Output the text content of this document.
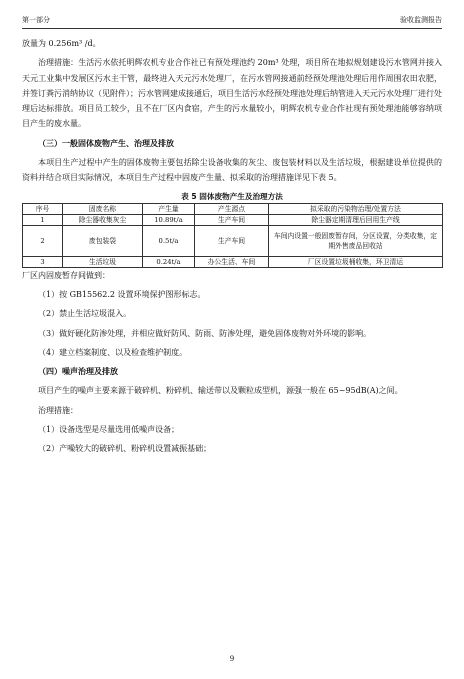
第一部分	验收监测报告

放量为 0.256m³ /d。

治理措施：生活污水依托明辉农机专业合作社已有预处理池约 20m³ 处理，项目所在地拟规划建设污水管网并接入天元工业集中发展区污水主干管，最终进入天元污水处理厂，在污水管网接通前经预处理池处理后用作周围农田农肥，并签订粪污消纳协议（见附件）；污水管网建成接通后，项目生活污水经预处理池处理后纳管进入天元污水处理厂进行处理后达标排放。项目员工较少，且不在厂区内食宿，产生的污水量较小，明辉农机专业合作社现有预处理池能够容纳项目产生的废水量。

（三）一般固体废物产生、治理及排放

本项目生产过程中产生的固体废物主要包括除尘设备收集的灰尘、废包装材料以及生活垃圾，根据建设单位提供的资料并结合项目实际情况，本项目生产过程中固废产生量、拟采取的治理措施详见下表 5。

表 5 固体废物产生及治理方法
序号	固废名称	产生量	产生源点	拟采取的污染物治理/处置方法
1	除尘器收集灰尘	10.89t/a	生产车间	除尘器定期清理后回用生产线
2	废包装袋	0.5t/a	生产车间	车间内设置一般固废暂存间，分区设置，分类收集，定期外售废品回收站
3	生活垃圾	0.24t/a	办公生活、车间	厂区设置垃圾桶收集，环卫清运

厂区内固废暂存间做到：

（1）按 GB15562.2 设置环境保护图形标志。

（2）禁止生活垃圾混入。

（3）做好硬化防渗处理，并相应做好防风、防雨、防渗处理，避免固体废物对外环境的影响。

（4）建立档案制度、以及检查维护制度。

（四）噪声治理及排放

项目产生的噪声主要来源于破碎机、粉碎机、输送带以及颗粒成型机，源强一般在 65~95dB(A)之间。

治理措施：

（1）设备选型是尽量选用低噪声设备；

（2）产噪较大的破碎机、粉碎机设置减振基础；

9
